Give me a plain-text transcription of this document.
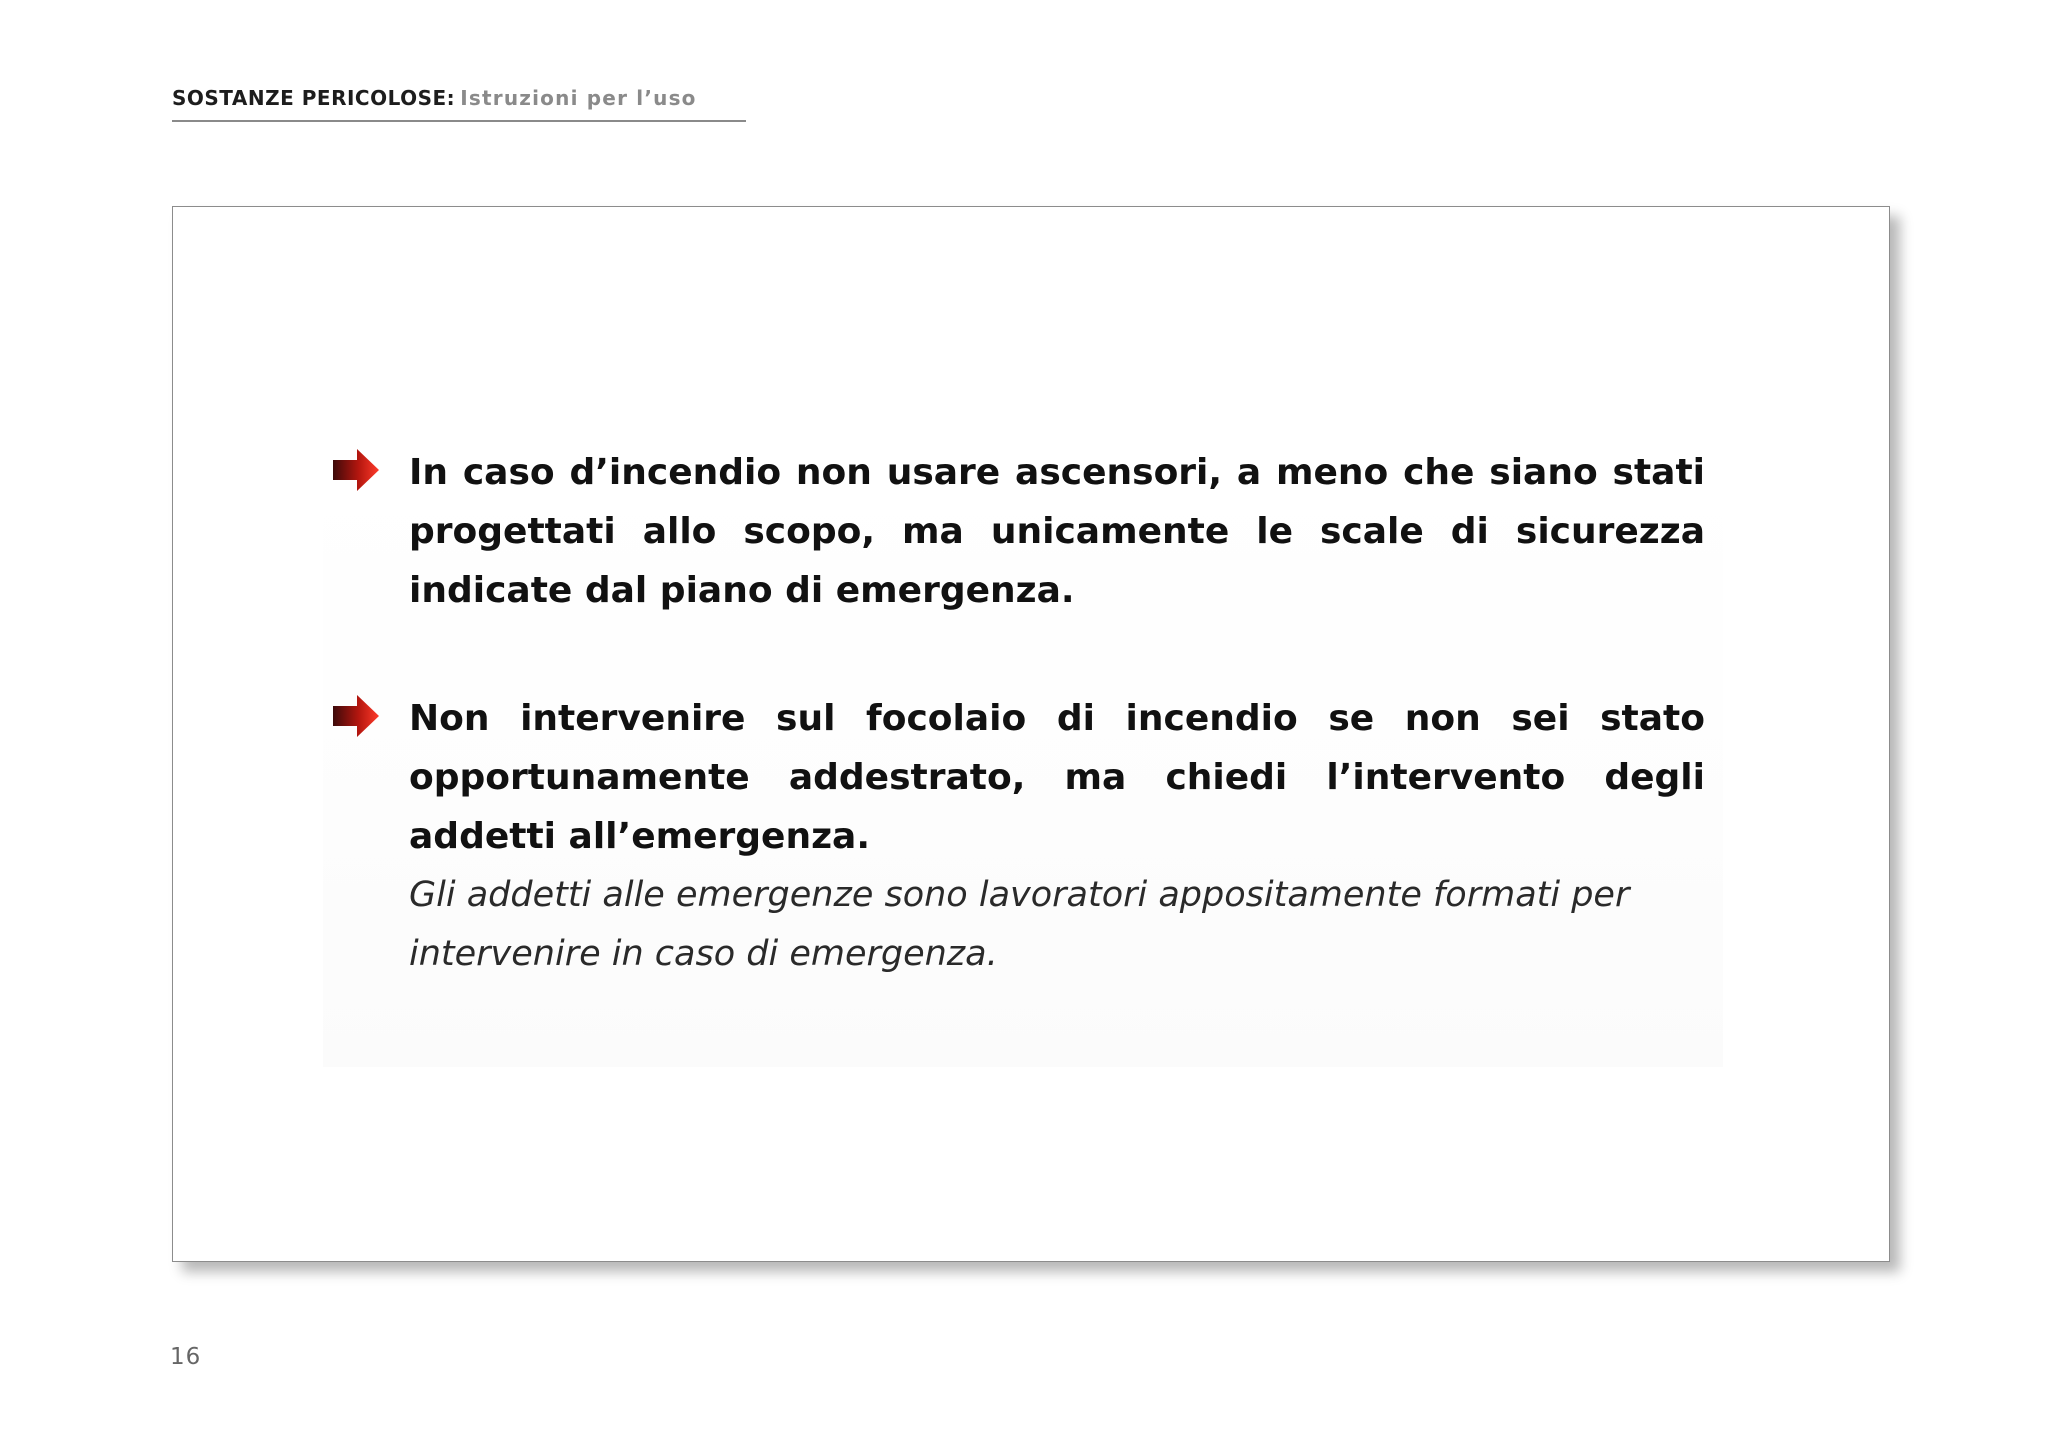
SOSTANZE PERICOLOSE: Istruzioni per l’uso
In caso d’incendio non usare ascensori, a meno che siano stati progettati allo scopo, ma unicamente le scale di sicurezza indicate dal piano di emergenza.
Non intervenire sul focolaio di incendio se non sei stato opportunamente addestrato, ma chiedi l’intervento degli addetti all’emergenza.
Gli addetti alle emergenze sono lavoratori appositamente formati per intervenire in caso di emergenza.
16
